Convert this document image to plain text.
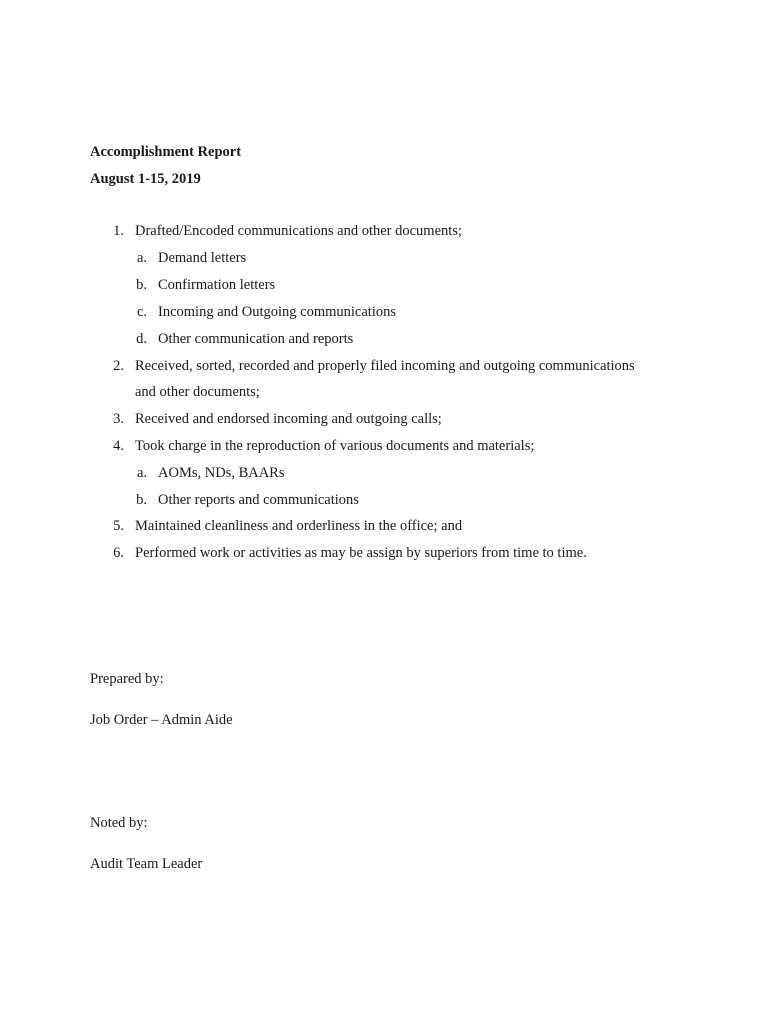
Accomplishment Report
August 1-15, 2019
1. Drafted/Encoded communications and other documents;
a. Demand letters
b. Confirmation letters
c. Incoming and Outgoing communications
d. Other communication and reports
2. Received, sorted, recorded and properly filed incoming and outgoing communications
and other documents;
3. Received and endorsed incoming and outgoing calls;
4. Took charge in the reproduction of various documents and materials;
a. AOMs, NDs, BAARs
b. Other reports and communications
5. Maintained cleanliness and orderliness in the office; and
6. Performed work or activities as may be assign by superiors from time to time.
Prepared by:
Job Order – Admin Aide
Noted by:
Audit Team Leader
